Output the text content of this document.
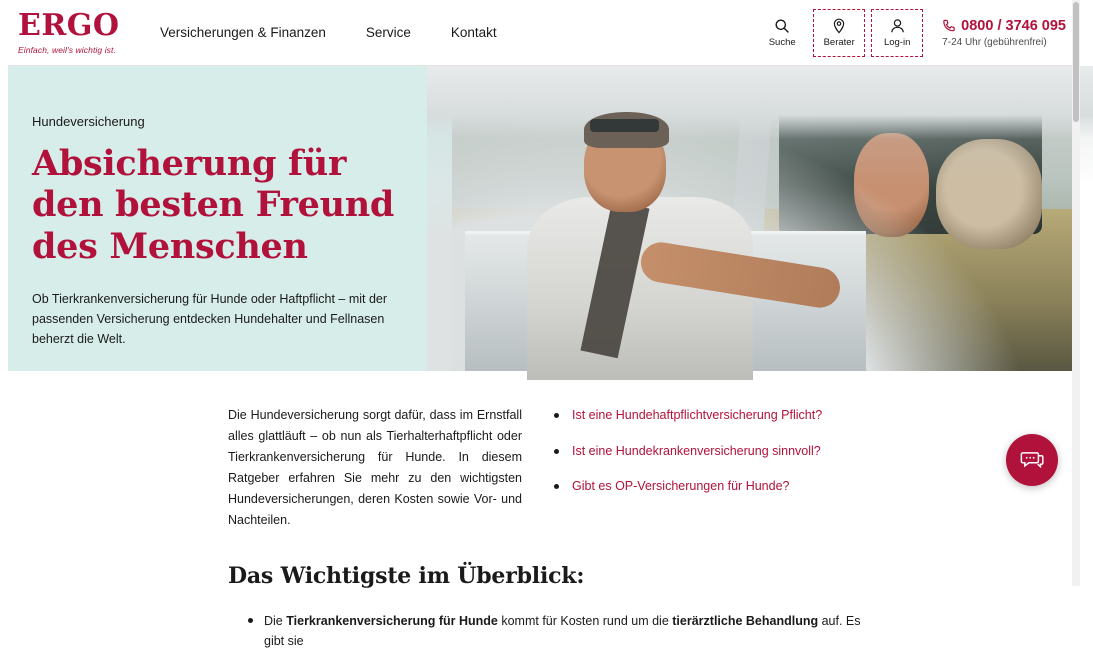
ERGO
Einfach, weil's wichtig ist.
Versicherungen & Finanzen	Service	Kontakt
Suche	Berater	Log-in
0800 / 3746 095
7-24 Uhr (gebührenfrei)
Hundeversicherung
Absicherung für den besten Freund des Menschen

Ob Tierkrankenversicherung für Hunde oder Haftpflicht – mit der passenden Versicherung entdecken Hundehalter und Fellnasen beherzt die Welt.

Die Hundeversicherung sorgt dafür, dass im Ernstfall alles glattläuft – ob nun als Tierhalterhaftpflicht oder Tierkrankenversicherung für Hunde. In diesem Ratgeber erfahren Sie mehr zu den wichtigsten Hundeversicherungen, deren Kosten sowie Vor- und Nachteilen.

Ist eine Hundehaftpflichtversicherung Pflicht?
Ist eine Hundekrankenversicherung sinnvoll?
Gibt es OP-Versicherungen für Hunde?
Das Wichtigste im Überblick:
Die Tierkrankenversicherung für Hunde kommt für Kosten rund um die tierärztliche Behandlung auf. Es gibt sie
